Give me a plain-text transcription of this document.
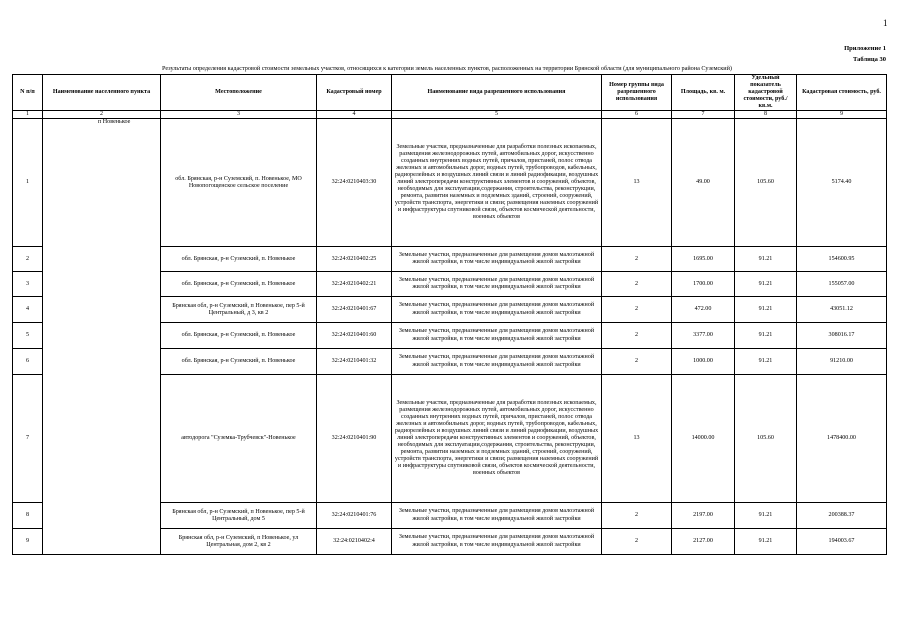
1
Приложение 1
Таблица 30
Результаты определения кадастровой стоимости земельных участков, относящихся к категории земель населенных пунктов, расположенных на территории Брянской области (для муниципального района Суземский)
N п/п	Наименование населенного пункта	Местоположение	Кадастровый номер	Наименование вида разрешенного использования	Номер группы вида разрешенного использования	Площадь, кв. м.	Удельный показатель кадастровой стоимости, руб./кв.м.	Кадастровая стоимость, руб.
1	2	3	4	5	6	7	8	9
1	п Новенькое	обл. Брянская, р-н Суземский, п. Новенькое, МО Новопогощенское сельское поселение	32:24:0210403:30	Земельные участки, предназначенные для разработки полезных ископаемых, размещения железнодорожных путей, автомобильных дорог, искусственно созданных внутренних водных путей, причалов, пристаней, полос отвода железных и автомобильных дорог, водных путей, трубопроводов, кабельных, радиорелейных и воздушных линий связи и линий радиофикации, воздушных линий электропередачи конструктивных элементов и сооружений, объектов, необходимых для эксплуатации,содержания, строительства, реконструкции, ремонта, развития наземных и подземных зданий, строений, сооружений, устройств транспорта, энергетики и связи; размещения наземных сооружений и инфраструктуры спутниковой связи, объектов космической деятельности, военных объектов	13	49.00	105.60	5174.40
2		обл. Брянская, р-н Суземский, п. Новенькое	32:24:0210402:25	Земельные участки, предназначенные для размещения домов малоэтажной жилой застройки, в том числе индивидуальной жилой застройки	2	1695.00	91.21	154600.95
3		обл. Брянская, р-н Суземский, п. Новенькое	32:24:0210402:21	Земельные участки, предназначенные для размещения домов малоэтажной жилой застройки, в том числе индивидуальной жилой застройки	2	1700.00	91.21	155057.00
4		Брянская обл, р-н Суземский, п Новенькое, пер 5-й Центральный, д 3, кв 2	32:24:0210401:67	Земельные участки, предназначенные для размещения домов малоэтажной жилой застройки, в том числе индивидуальной жилой застройки	2	472.00	91.21	43051.12
5		обл. Брянская, р-н Суземский, п. Новенькое	32:24:0210401:60	Земельные участки, предназначенные для размещения домов малоэтажной жилой застройки, в том числе индивидуальной жилой застройки	2	3377.00	91.21	308016.17
6		обл. Брянская, р-н Суземский, п. Новенькое	32:24:0210401:32	Земельные участки, предназначенные для размещения домов малоэтажной жилой застройки, в том числе индивидуальной жилой застройки	2	1000.00	91.21	91210.00
7		автодорога "Суземка-Трубчевск"-Новенькое	32:24:0210401:90	Земельные участки, предназначенные для разработки полезных ископаемых, размещения железнодорожных путей, автомобильных дорог, искусственно созданных внутренних водных путей, причалов, пристаней, полос отвода железных и автомобильных дорог, водных путей, трубопроводов, кабельных, радиорелейных и воздушных линий связи и линий радиофикации, воздушных линий электропередачи конструктивных элементов и сооружений, объектов, необходимых для эксплуатации,содержания, строительства, реконструкции, ремонта, развития наземных и подземных зданий, строений, сооружений, устройств транспорта, энергетики и связи; размещения наземных сооружений и инфраструктуры спутниковой связи, объектов космической деятельности, военных объектов	13	14000.00	105.60	1478400.00
8		Брянская обл, р-н Суземский, п Новенькое, пер 5-й Центральный, дом 5	32:24:0210401:76	Земельные участки, предназначенные для размещения домов малоэтажной жилой застройки, в том числе индивидуальной жилой застройки	2	2197.00	91.21	200388.37
9		Брянская обл, р-н Суземский, п Новенькое, ул Центральная, дом 2, кв 2	32:24:0210402:4	Земельные участки, предназначенные для размещения домов малоэтажной жилой застройки, в том числе индивидуальной жилой застройки	2	2127.00	91.21	194003.67
